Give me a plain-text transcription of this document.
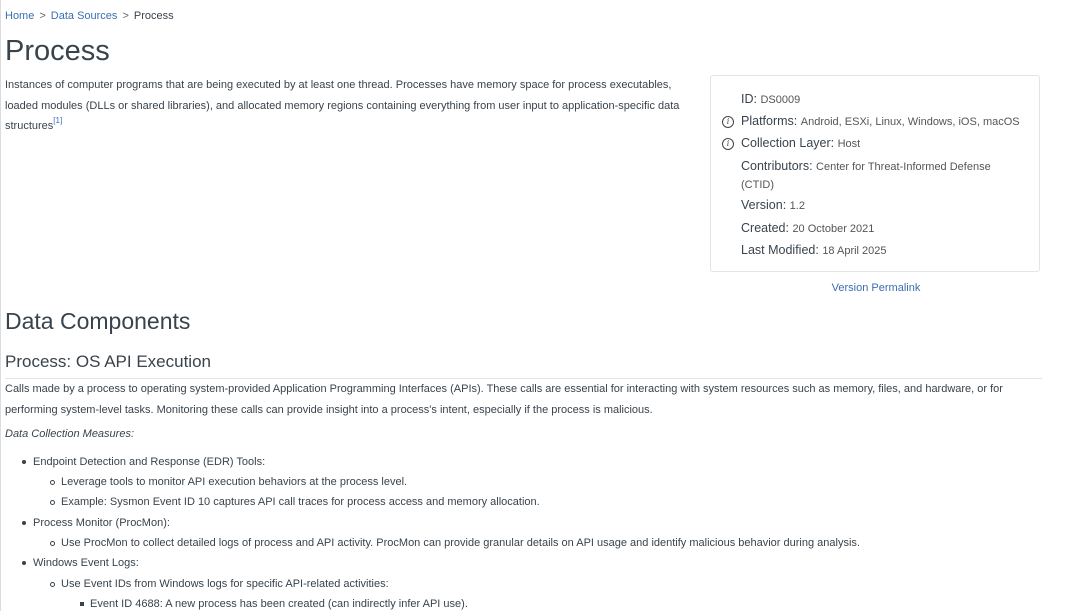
Home > Data Sources > Process
Process

Instances of computer programs that are being executed by at least one thread. Processes have memory space for process executables, loaded modules (DLLs or shared libraries), and allocated memory regions containing everything from user input to application-specific data structures[1]

ID: DS0009
i Platforms: Android, ESXi, Linux, Windows, iOS, macOS
i Collection Layer: Host
Contributors: Center for Threat-Informed Defense (CTID)
Version: 1.2
Created: 20 October 2021
Last Modified: 18 April 2025
Version Permalink
Data Components
Process: OS API Execution

Calls made by a process to operating system-provided Application Programming Interfaces (APIs). These calls are essential for interacting with system resources such as memory, files, and hardware, or for performing system-level tasks. Monitoring these calls can provide insight into a process's intent, especially if the process is malicious.

Data Collection Measures:
Endpoint Detection and Response (EDR) Tools:
Leverage tools to monitor API execution behaviors at the process level.
Example: Sysmon Event ID 10 captures API call traces for process access and memory allocation.
Process Monitor (ProcMon):
Use ProcMon to collect detailed logs of process and API activity. ProcMon can provide granular details on API usage and identify malicious behavior during analysis.
Windows Event Logs:
Use Event IDs from Windows logs for specific API-related activities:
Event ID 4688: A new process has been created (can indirectly infer API use).
